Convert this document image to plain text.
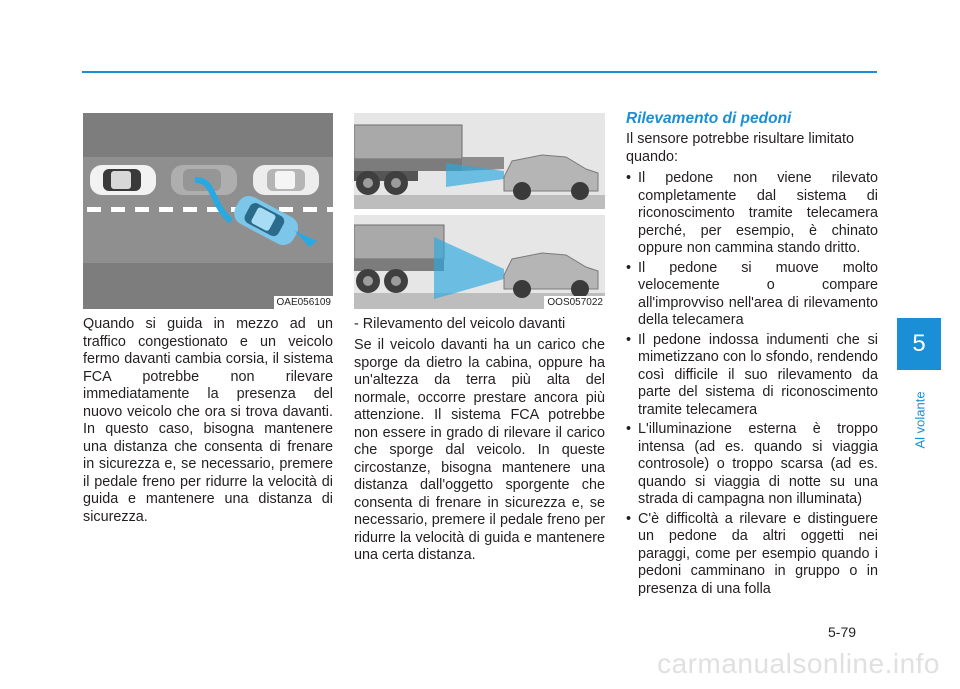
OAE056109	OOS057022

Quando si guida in mezzo ad un traffico congestionato e un veicolo fermo davanti cambia corsia, il sistema FCA potrebbe non rilevare immediatamente la presenza del nuovo veicolo che ora si trova davanti. In questo caso, bisogna mantenere una distanza che consenta di frenare in sicurezza e, se necessario, premere il pedale freno per ridurre la velocità di guida e mantenere una distanza di sicurezza.

- Rilevamento del veicolo davanti

Se il veicolo davanti ha un carico che sporge da dietro la cabina, oppure ha un'altezza da terra più alta del normale, occorre prestare ancora più attenzione. Il sistema FCA potrebbe non essere in grado di rilevare il carico che sporge dal veicolo. In queste circostanze, bisogna mantenere una distanza dall'oggetto sporgente che consenta di frenare in sicurezza e, se necessario, premere il pedale freno per ridurre la velocità di guida e mantenere una certa distanza.

Rilevamento di pedoni

Il sensore potrebbe risultare limitato quando:

• Il pedone non viene rilevato completamente dal sistema di riconoscimento tramite telecamera perché, per esempio, è chinato oppure non cammina stando dritto.
• Il pedone si muove molto velocemente o compare all'improvviso nell'area di rilevamento della telecamera
• Il pedone indossa indumenti che si mimetizzano con lo sfondo, rendendo così difficile il suo rilevamento da parte del sistema di riconoscimento tramite telecamera
• L'illuminazione esterna è troppo intensa (ad es. quando si viaggia controsole) o troppo scarsa (ad es. quando si viaggia di notte su una strada di campagna non illuminata)
• C'è difficoltà a rilevare e distinguere un pedone da altri oggetti nei paraggi, come per esempio quando i pedoni camminano in gruppo o in presenza di una folla
5
Al volante
5-79
carmanualsonline.info
